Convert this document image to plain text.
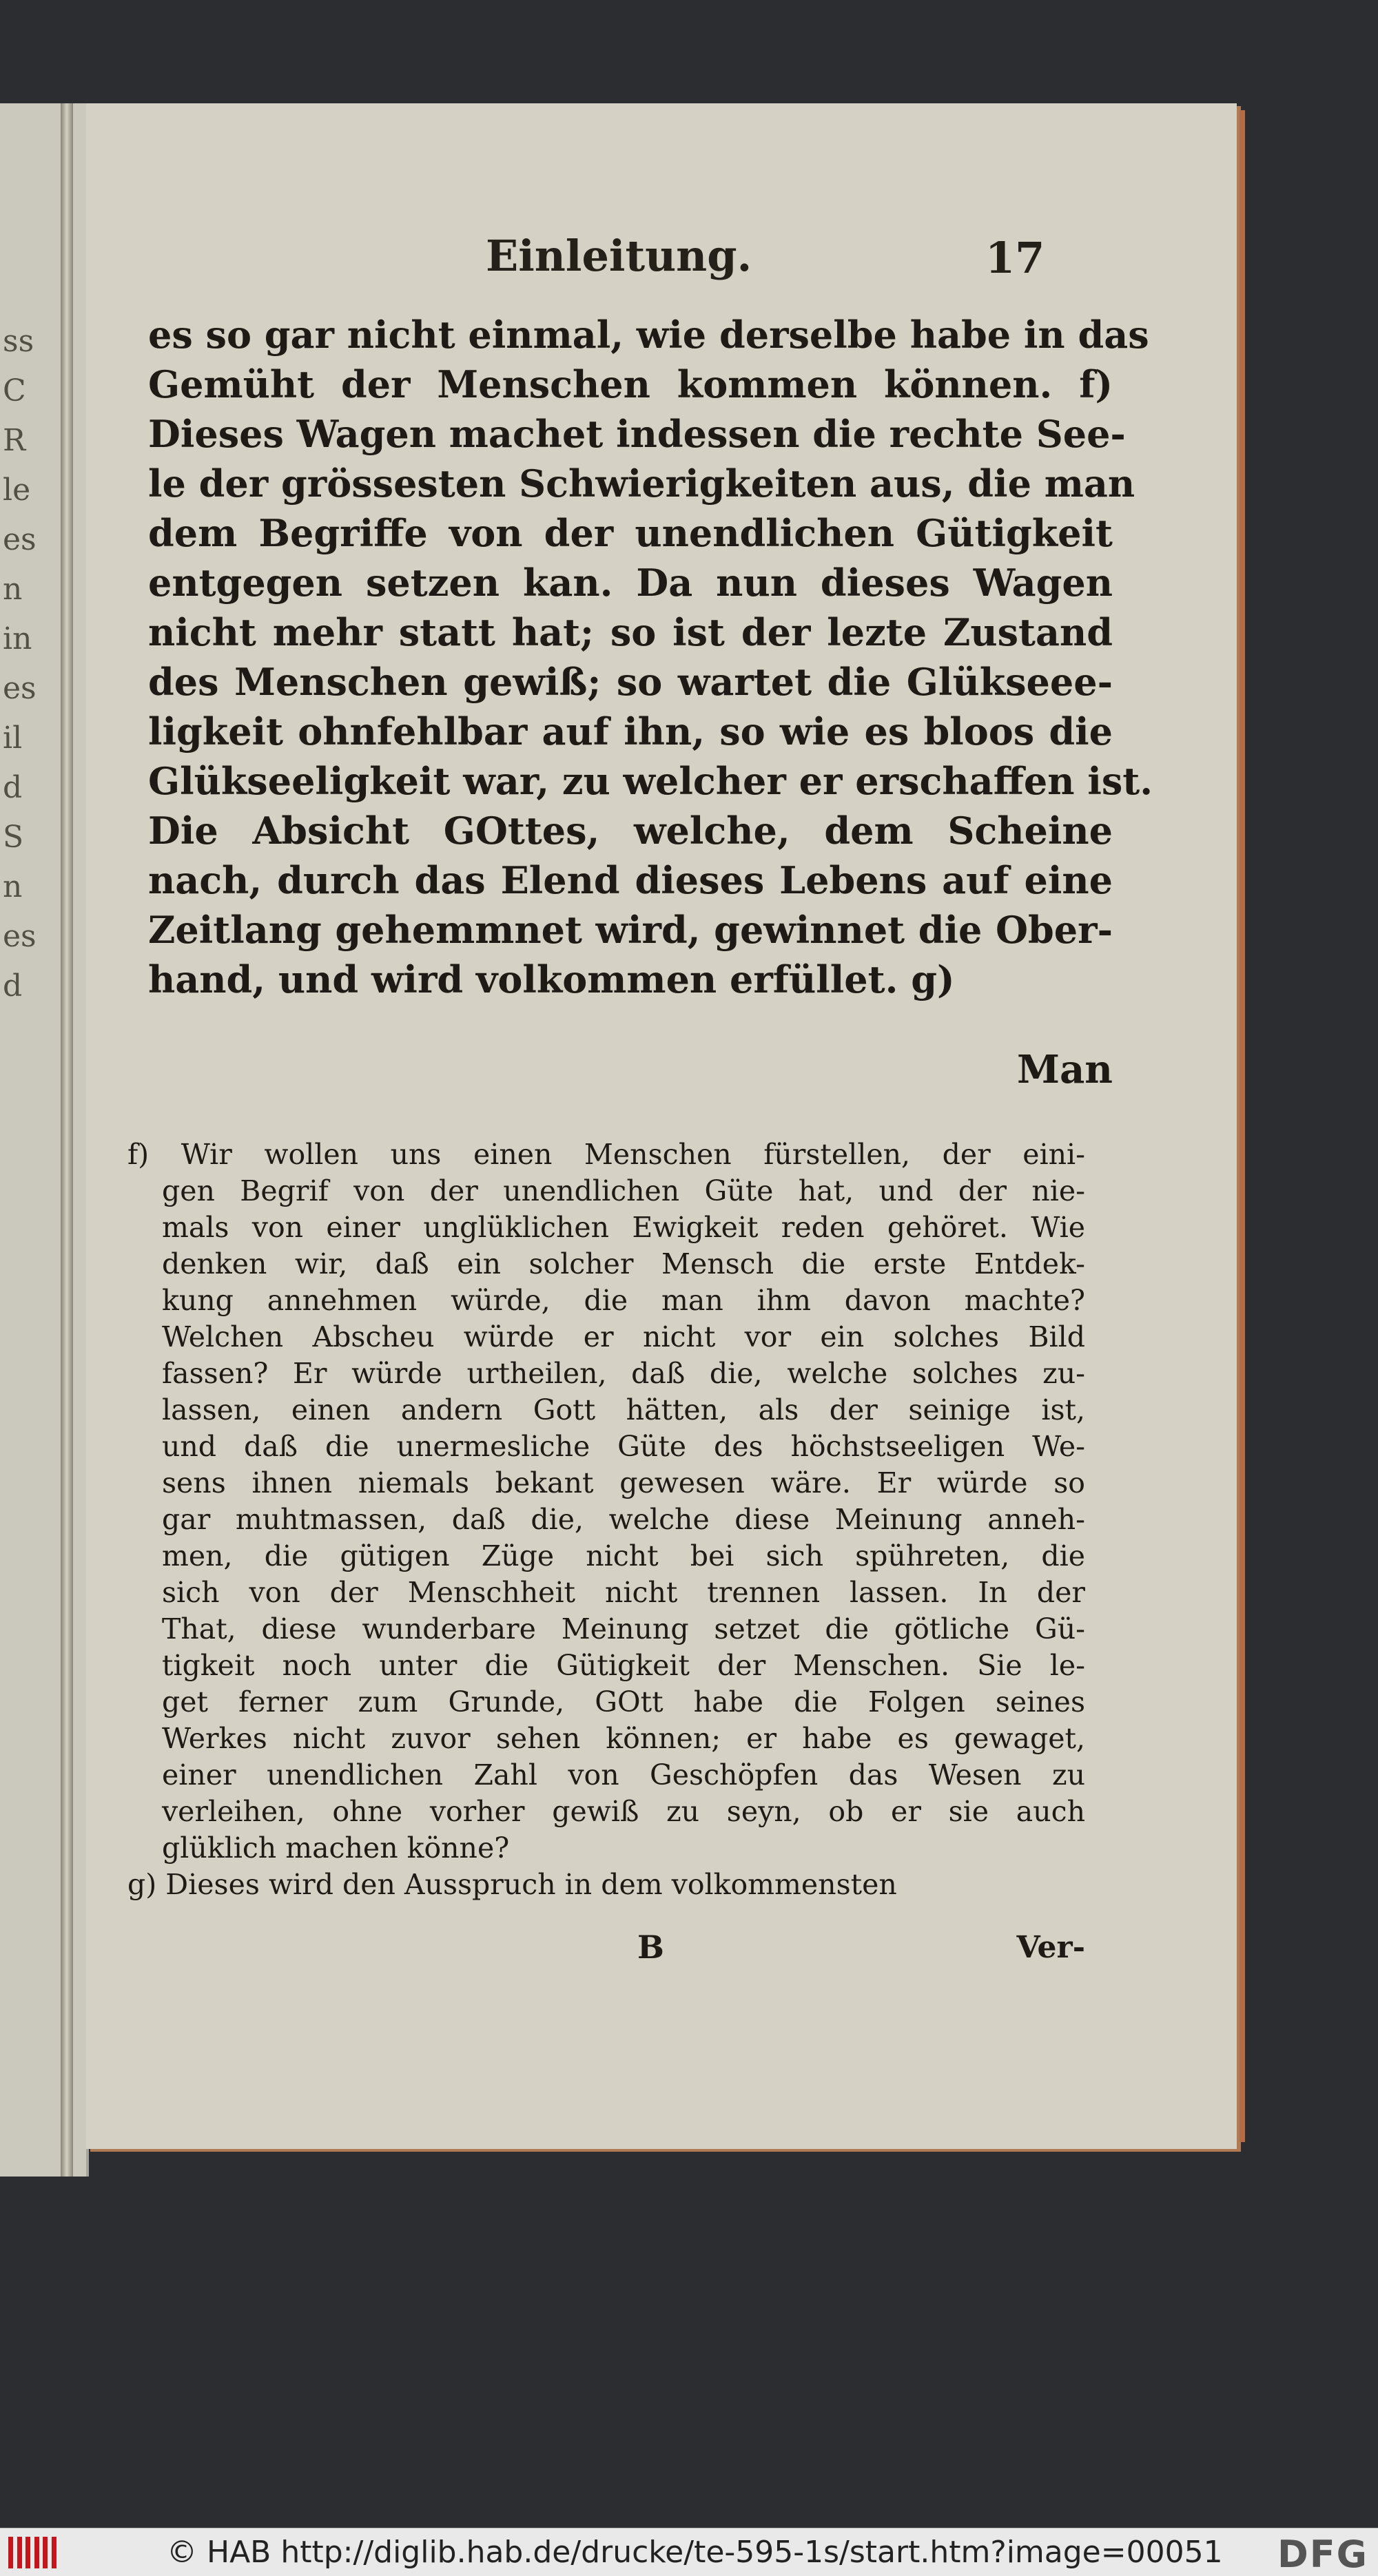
ss
C
R
le
es
n
in
es
il
d
S
n
es
d
Einleitung.	17
es so gar nicht einmal, wie derselbe habe in das
Gemüht der Menschen kommen können. f)
Dieses Wagen machet indessen die rechte See-
le der grössesten Schwierigkeiten aus, die man
dem Begriffe von der unendlichen Gütigkeit
entgegen setzen kan. Da nun dieses Wagen
nicht mehr statt hat; so ist der lezte Zustand
des Menschen gewiß; so wartet die Glükseee-
ligkeit ohnfehlbar auf ihn, so wie es bloos die
Glükseeligkeit war, zu welcher er erschaffen ist.
Die Absicht GOttes, welche, dem Scheine
nach, durch das Elend dieses Lebens auf eine
Zeitlang gehemmnet wird, gewinnet die Ober-
hand, und wird volkommen erfüllet. g)
Man
f) Wir wollen uns einen Menschen fürstellen, der eini-
gen Begrif von der unendlichen Güte hat, und der nie-
mals von einer unglüklichen Ewigkeit reden gehöret. Wie
denken wir, daß ein solcher Mensch die erste Entdek-
kung annehmen würde, die man ihm davon machte?
Welchen Abscheu würde er nicht vor ein solches Bild
fassen? Er würde urtheilen, daß die, welche solches zu-
lassen, einen andern Gott hätten, als der seinige ist,
und daß die unermesliche Güte des höchstseeligen We-
sens ihnen niemals bekant gewesen wäre. Er würde so
gar muhtmassen, daß die, welche diese Meinung anneh-
men, die gütigen Züge nicht bei sich spühreten, die
sich von der Menschheit nicht trennen lassen. In der
That, diese wunderbare Meinung setzet die götliche Gü-
tigkeit noch unter die Gütigkeit der Menschen. Sie le-
get ferner zum Grunde, GOtt habe die Folgen seines
Werkes nicht zuvor sehen können; er habe es gewaget,
einer unendlichen Zahl von Geschöpfen das Wesen zu
verleihen, ohne vorher gewiß zu seyn, ob er sie auch
glüklich machen könne?
g) Dieses wird den Ausspruch in dem volkommensten
B	Ver-
© HAB http://diglib.hab.de/drucke/te-595-1s/start.htm?image=00051 DFG
